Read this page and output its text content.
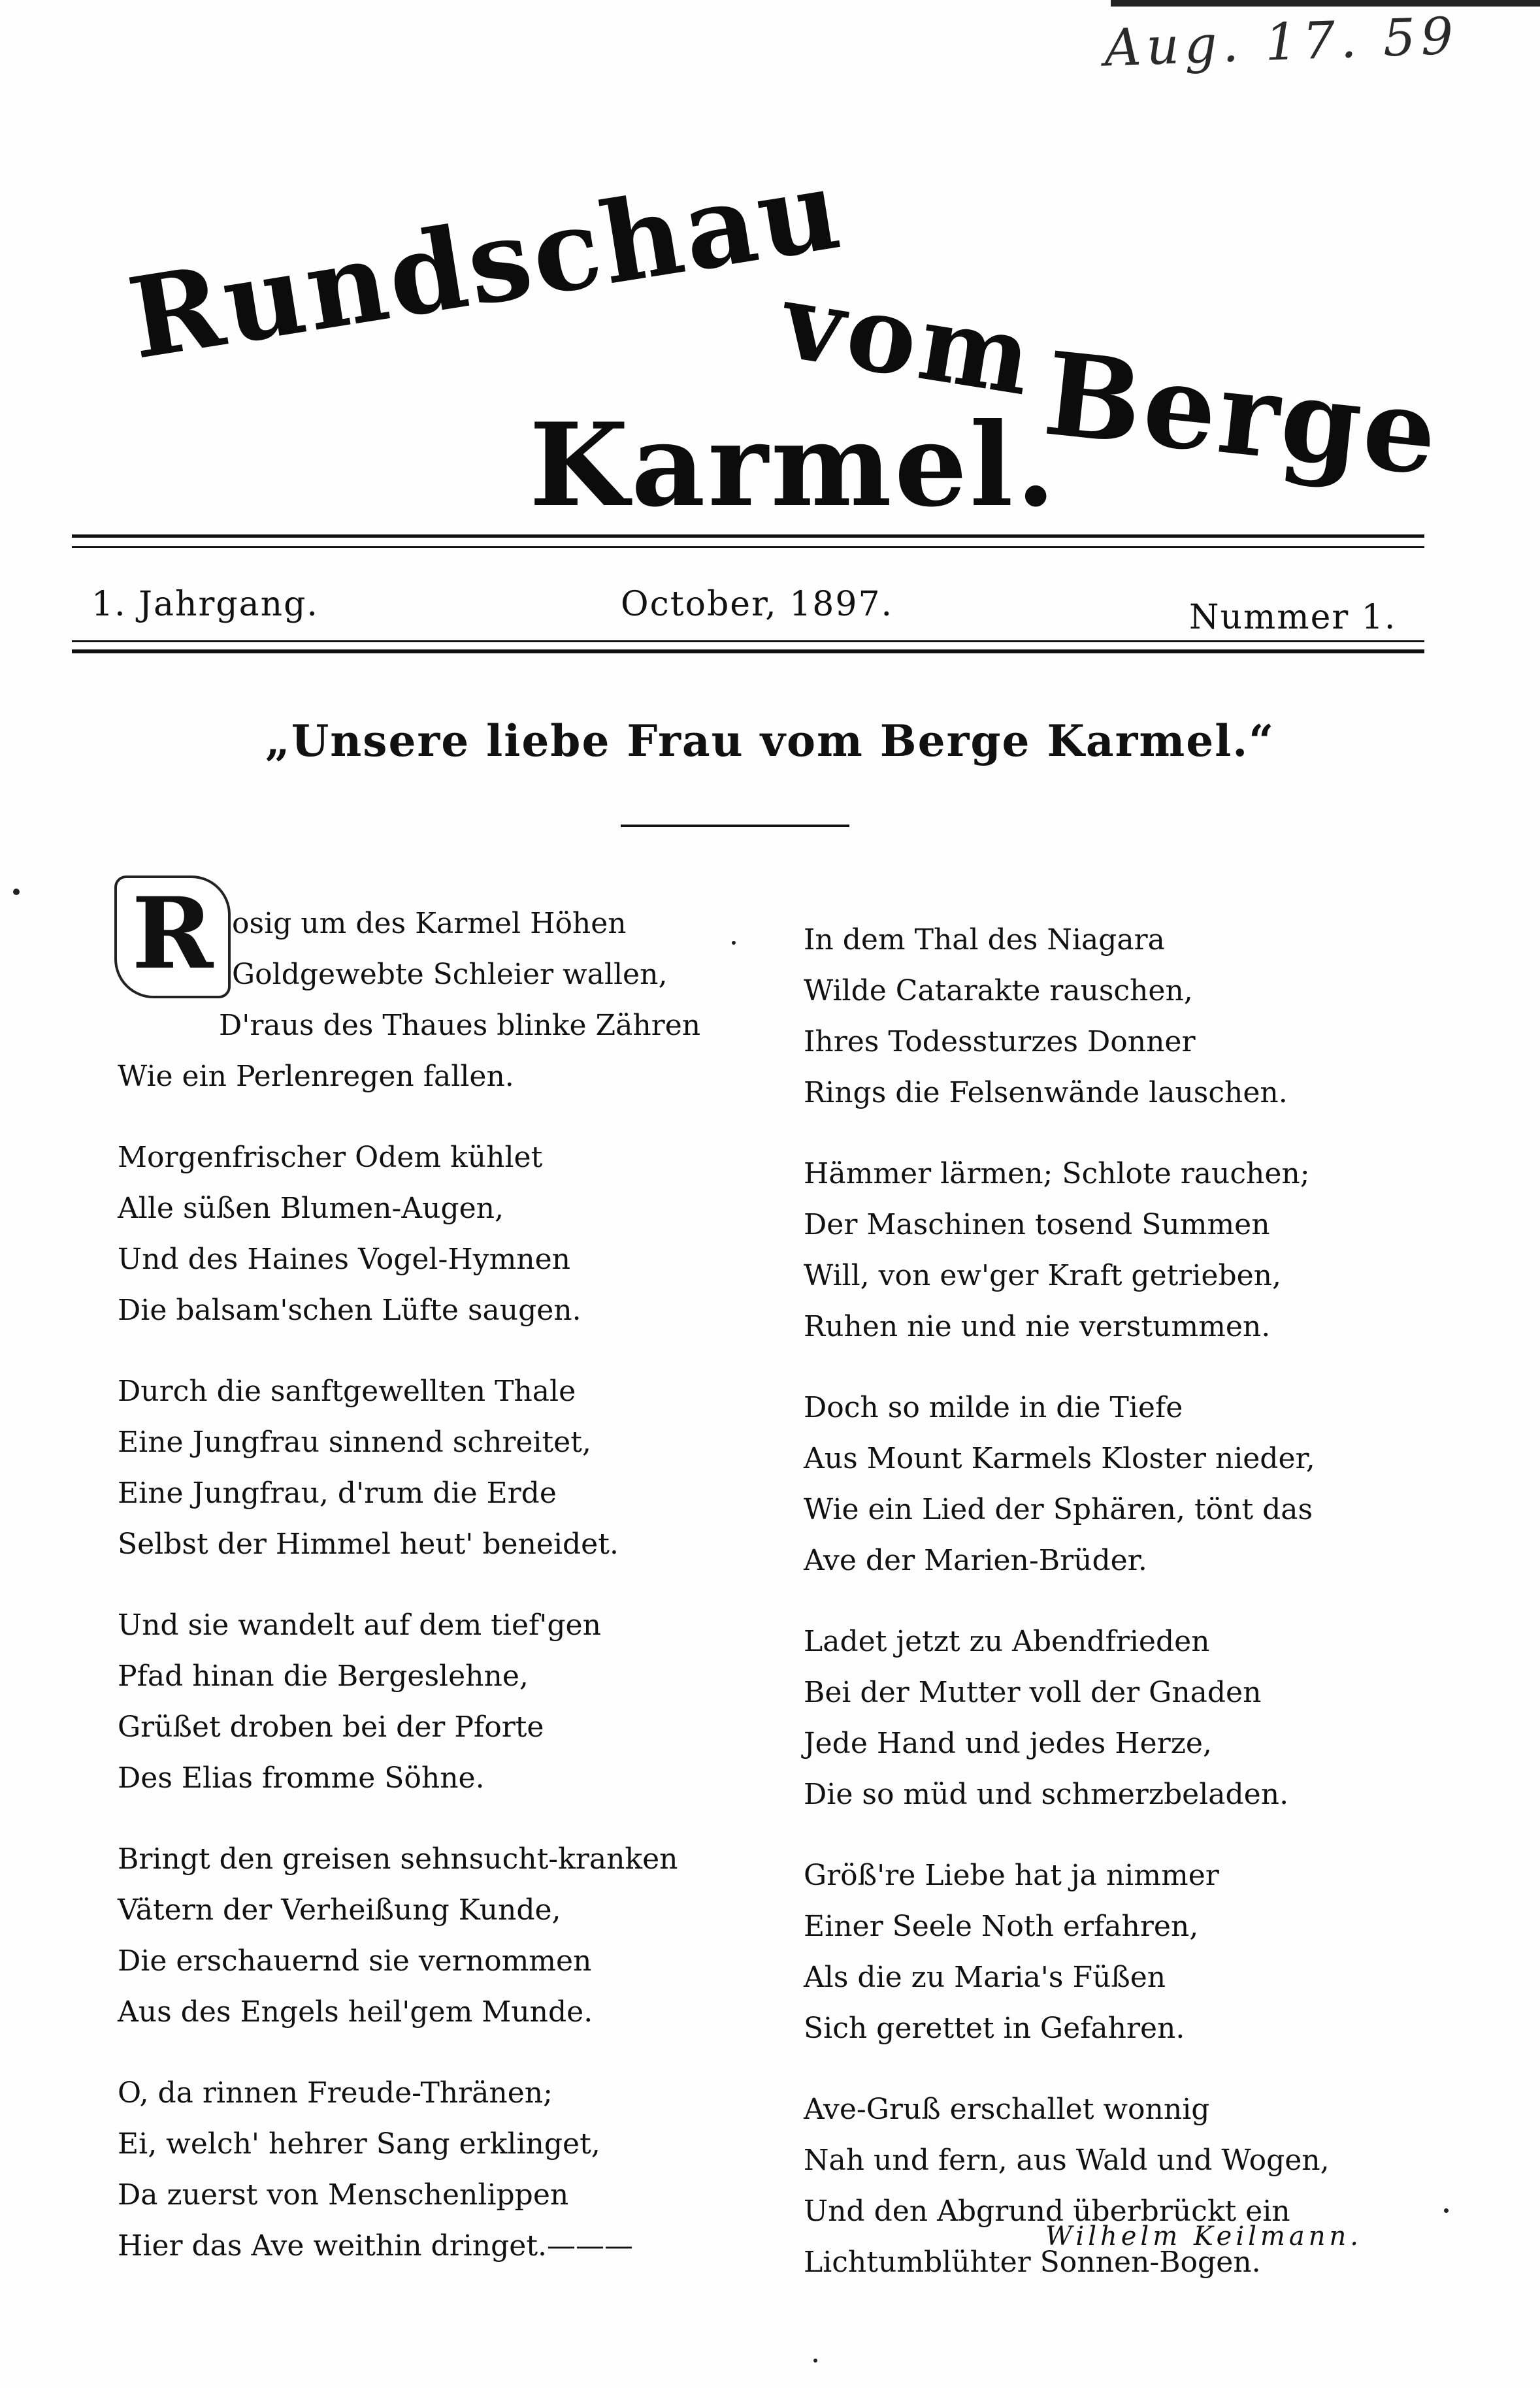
Aug. 17. 59
Rundschau
vom
Berge
Karmel.
1. Jahrgang.	October, 1897.	Nummer 1.
„Unsere liebe Frau vom Berge Karmel.“
R osig um des Karmel Höhen
Goldgewebte Schleier wallen,
D'raus des Thaues blinke Zähren
Wie ein Perlenregen fallen.
Morgenfrischer Odem kühlet
Alle süßen Blumen-Augen,
Und des Haines Vogel-Hymnen
Die balsam'schen Lüfte saugen.
Durch die sanftgewellten Thale
Eine Jungfrau sinnend schreitet,
Eine Jungfrau, d'rum die Erde
Selbst der Himmel heut' beneidet.
Und sie wandelt auf dem tief'gen
Pfad hinan die Bergeslehne,
Grüßet droben bei der Pforte
Des Elias fromme Söhne.
Bringt den greisen sehnsucht-kranken
Vätern der Verheißung Kunde,
Die erschauernd sie vernommen
Aus des Engels heil'gem Munde.
O, da rinnen Freude-Thränen;
Ei, welch' hehrer Sang erklinget,
Da zuerst von Menschenlippen
Hier das Ave weithin dringet.———
In dem Thal des Niagara
Wilde Catarakte rauschen,
Ihres Todessturzes Donner
Rings die Felsenwände lauschen.
Hämmer lärmen; Schlote rauchen;
Der Maschinen tosend Summen
Will, von ew'ger Kraft getrieben,
Ruhen nie und nie verstummen.
Doch so milde in die Tiefe
Aus Mount Karmels Kloster nieder,
Wie ein Lied der Sphären, tönt das
Ave der Marien-Brüder.
Ladet jetzt zu Abendfrieden
Bei der Mutter voll der Gnaden
Jede Hand und jedes Herze,
Die so müd und schmerzbeladen.
Größ're Liebe hat ja nimmer
Einer Seele Noth erfahren,
Als die zu Maria's Füßen
Sich gerettet in Gefahren.
Ave-Gruß erschallet wonnig
Nah und fern, aus Wald und Wogen,
Und den Abgrund überbrückt ein
Lichtumblühter Sonnen-Bogen.
Wilhelm Keilmann.
